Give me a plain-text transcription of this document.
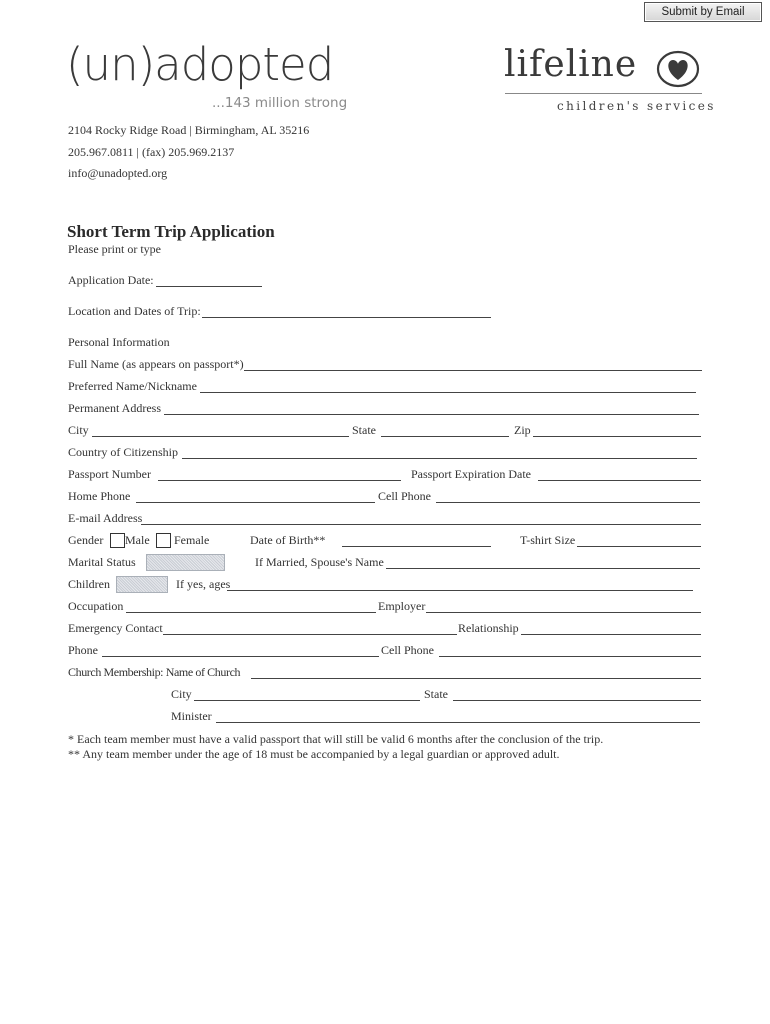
Submit by Email
(un)adopted
...143 million strong
lifeline
children's services
2104 Rocky Ridge Road | Birmingham, AL 35216
205.967.0811 | (fax) 205.969.2137
info@unadopted.org
Short Term Trip Application
Please print or type
Application Date:
Location and Dates of Trip:
Personal Information
Full Name (as appears on passport*)
Preferred Name/Nickname
Permanent Address
City	State	Zip
Country of Citizenship
Passport Number	Passport Expiration Date
Home Phone	Cell Phone
E-mail Address
Gender Male Female	Date of Birth**	T-shirt Size
Marital Status	If Married, Spouse's Name
Children	If yes, ages
Occupation	Employer
Emergency Contact	Relationship
Phone	Cell Phone
Church Membership: Name of Church
City	State
Minister
* Each team member must have a valid passport that will still be valid 6 months after the conclusion of the trip.
** Any team member under the age of 18 must be accompanied by a legal guardian or approved adult.
